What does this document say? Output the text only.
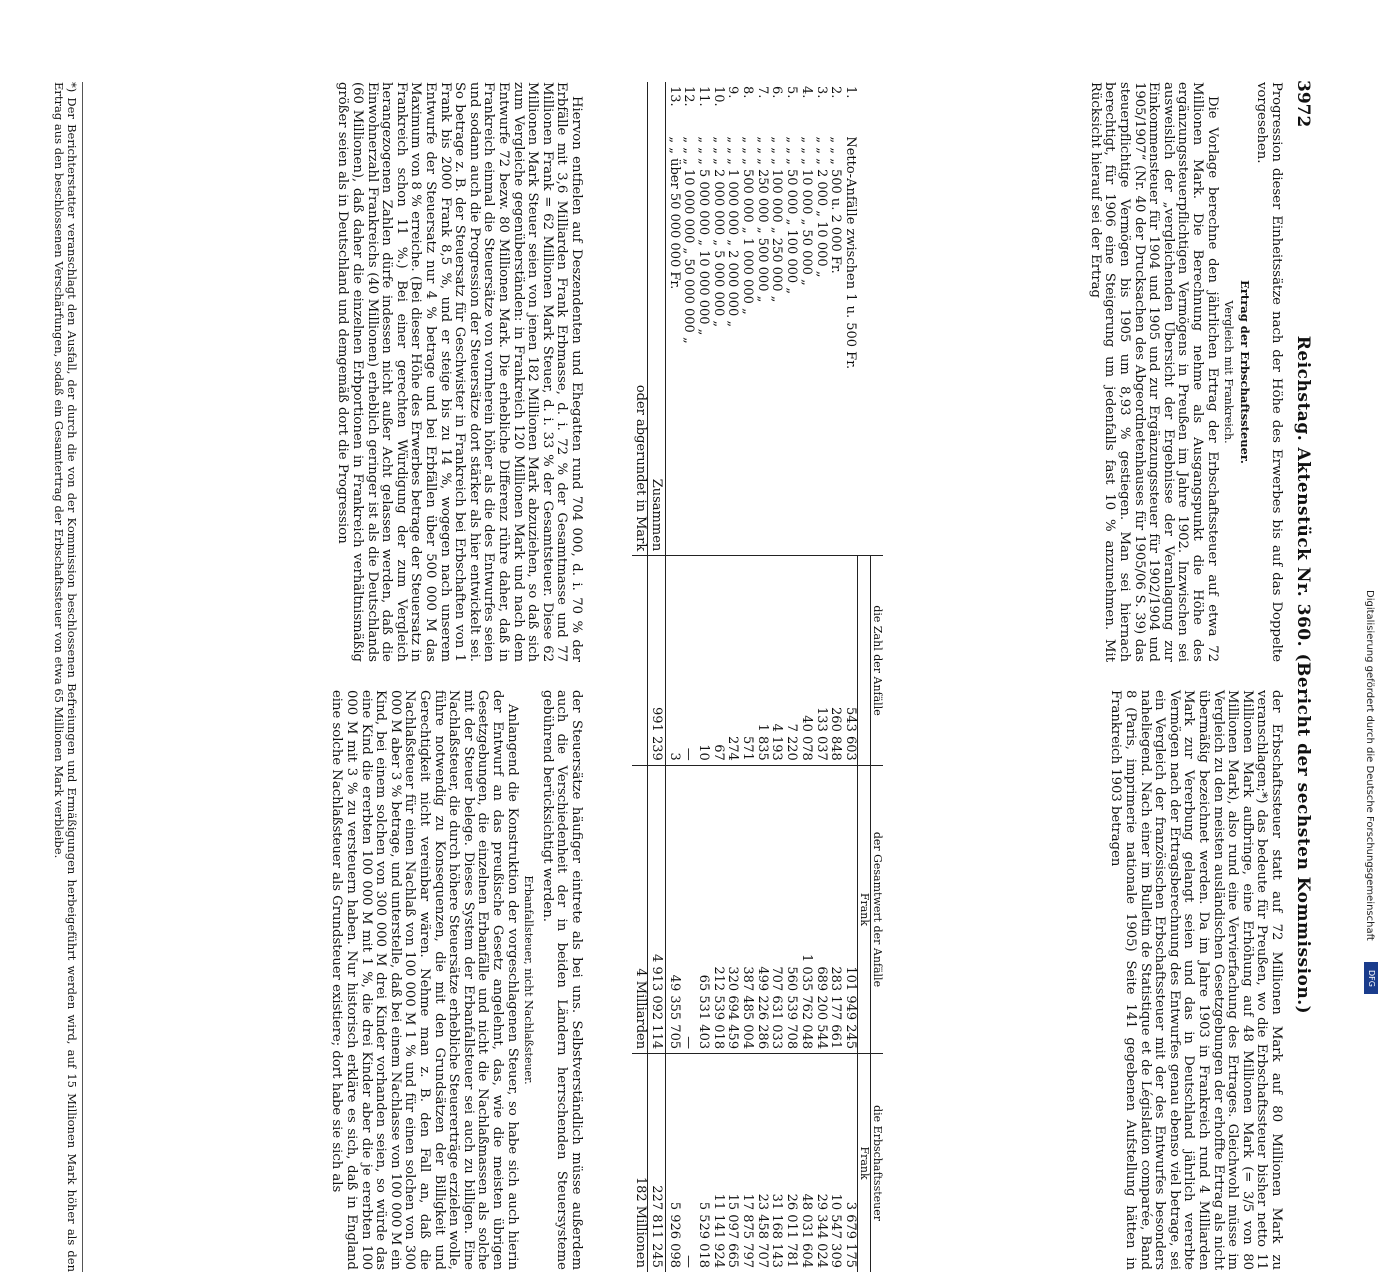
3972
Reichstag. Aktenstück Nr. 360. (Bericht der sechsten Kommission.)

Progression dieser Einheitssätze nach der Höhe des Erwerbes bis auf das Doppelte vorgesehen.

Ertrag der Erbschaftssteuer.

Vergleich mit Frankreich.

Die Vorlage berechne den jährlichen Ertrag der Erbschaftssteuer auf etwa 72 Millionen Mark. Die Berechnung nehme als Ausgangspunkt die Höhe des ergänzungssteuerpflichtigen Vermögens in Preußen im Jahre 1902. Inzwischen sei ausweislich der „vergleichenden Übersicht der Ergebnisse der Veranlagung zur Einkommensteuer für 1904 und 1905 und zur Ergänzungssteuer für 1902/1904 und 1905/1907“ (Nr. 40 der Drucksachen des Abgeordnetenhauses für 1905/06 S. 39) das steuerpflichtige Vermögen bis 1905 um 8,93 % gestiegen. Man sei hiernach berechtigt, für 1906 eine Steigerung um jedenfalls fast 10 % anzunehmen. Mit Rücksicht hierauf sei der Ertrag

der Erbschaftssteuer statt auf 72 Millionen Mark auf 80 Millionen Mark zu veranschlagen;*) das bedeute für Preußen, wo die Erbschaftssteuer bisher netto 11 Millionen Mark aufbringe, eine Erhöhung auf 48 Millionen Mark (= 3/5 von 80 Millionen Mark), also rund eine Vervierfachung des Ertrages. Gleichwohl müsse im Vergleich zu den meisten ausländischen Gesetzgebungen der erhoffte Ertrag als nicht übermäßig bezeichnet werden. Da im Jahre 1903 in Frankreich rund 4 Milliarden Mark zur Vererbung gelangt seien und das in Deutschland jährlich vererbte Vermögen nach der Ertragsberechnung des Entwurfes genau ebenso viel betrage, sei ein Vergleich der französischen Erbschaftssteuer mit der des Entwurfes besonders naheliegend. Nach einer im Bulletin de Statistique et de Législation comparée, Band 8 (Paris, imprimerie nationale 1905) Seite 141 gegebenen Aufstellung hätten in Frankreich 1903 betragen

		die Zahl der Anfälle	der Gesamtwert der Anfälle	die Erbschaftssteuer
			Frank	Frank
1.	Netto-Anfälle zwischen 1 u. 500 Fr.	543 603	101 949 245	3 679 175
2.	„ „ „ 500 u. 2 000 Fr.	260 848	283 177 661	10 547 309
3.	„ „ „ 2 000 „ 10 000 „	133 037	689 200 544	29 344 024
4.	„ „ „ 10 000 „ 50 000 „	40 078	1 035 762 048	48 031 604
5.	„ „ „ 50 000 „ 100 000 „	7 220	560 539 708	26 011 781
6.	„ „ „ 100 000 „ 250 000 „	4 193	707 631 033	31 168 143
7.	„ „ „ 250 000 „ 500 000 „	1 835	499 226 286	23 458 707
8.	„ „ „ 500 000 „ 1 000 000 „	571	387 485 004	17 875 797
9.	„ „ „ 1 000 000 „ 2 000 000 „	274	320 694 459	15 097 665
10.	„ „ „ 2 000 000 „ 5 000 000 „	67	212 539 018	11 141 924
11.	„ „ „ 5 000 000 „ 10 000 000 „	10	65 531 403	5 529 018
12.	„ „ „ 10 000 000 „ 50 000 000 „	—	—	—
13.	„ „ über 50 000 000 Fr.	3	49 355 705	5 926 098
	Zusammen	991 239	4 913 092 114	227 811 245
	oder abgerundet in Mark		4 Milliarden	182 Millionen

Hiervon entfielen auf Deszendenten und Ehegatten rund 704 000, d. i. 70 % der Erbfälle mit 3,6 Milliarden Frank Erbmasse, d. i. 72 % der Gesamtmasse und 77 Millionen Frank = 62 Millionen Mark Steuer, d. i. 33 % der Gesamtsteuer. Diese 62 Millionen Mark Steuer seien von jenen 182 Millionen Mark abzuziehen, so daß sich zum Vergleiche gegenüberständen: in Frankreich 120 Millionen Mark und nach dem Entwurfe 72 bezw. 80 Millionen Mark. Die erhebliche Differenz rühre daher, daß in Frankreich einmal die Steuersätze von vornherein höher als die des Entwurfes seien und sodann auch die Progression der Steuersätze dort stärker als hier entwickelt sei. So betrage z. B. der Steuersatz für Geschwister in Frankreich bei Erbschaften von 1 Frank bis 2000 Frank 8,5 %, und er steige bis zu 14 %, wogegen nach unserem Entwurfe der Steuersatz nur 4 % betrage und bei Erbfällen über 500 000 M das Maximum von 8 % erreiche. (Bei dieser Höhe des Erwerbes betrage der Steuersatz in Frankreich schon 11 %.) Bei einer gerechten Würdigung der zum Vergleich herangezogenen Zahlen dürfe indessen nicht außer Acht gelassen werden, daß die Einwohnerzahl Frankreichs (40 Millionen) erheblich geringer ist als die Deutschlands (60 Millionen), daß daher die einzelnen Erbportionen in Frankreich verhältnismäßig größer seien als in Deutschland und demgemäß dort die Progression

der Steuersätze häufiger eintrete als bei uns. Selbstverständlich müsse außerdem auch die Verschiedenheit der in beiden Ländern herrschenden Steuersysteme gebührend berücksichtigt werden.

Erbanfallsteuer, nicht Nachlaßsteuer.

Anlangend die Konstruktion der vorgeschlagenen Steuer, so habe sich auch hierin der Entwurf an das preußische Gesetz angelehnt, das, wie die meisten übrigen Gesetzgebungen, die einzelnen Erbanfälle und nicht die Nachlaßmassen als solche mit der Steuer belege. Dieses System der Erbanfallsteuer sei auch zu billigen. Eine Nachlaßsteuer, die durch höhere Steuersätze erhebliche Steuererträge erzielen wolle, führe notwendig zu Konsequenzen, die mit den Grundsätzen der Billigkeit und Gerechtigkeit nicht vereinbar wären. Nehme man z. B. den Fall an, daß die Nachlaßsteuer für einen Nachlaß von 100 000 M 1 % und für einen solchen von 300 000 M aber 3 % betrage, und unterstelle, daß bei einem Nachlasse von 100 000 M ein Kind, bei einem solchen von 300 000 M drei Kinder vorhanden seien, so würde das eine Kind die ererbten 100 000 M mit 1 %, die drei Kinder aber die je ererbten 100 000 M mit 3 % zu versteuern haben. Nur historisch erkläre es sich, daß in England eine solche Nachlaßsteuer als Grundsteuer existiere; dort habe sie sich als

*) Der Berichterstatter veranschlagt den Ausfall, der durch die von der Kommission beschlossenen Befreiungen und Ermäßigungen herbeigeführt werden wird, auf 15 Millionen Mark höher als den Ertrag aus den beschlossenen Verschärfungen, sodaß ein Gesamtertrag der Erbschaftssteuer von etwa 65 Millionen Mark verbleibe.	Digitalisierung gefördert durch die Deutsche Forschungsgemeinschaft
DFG
